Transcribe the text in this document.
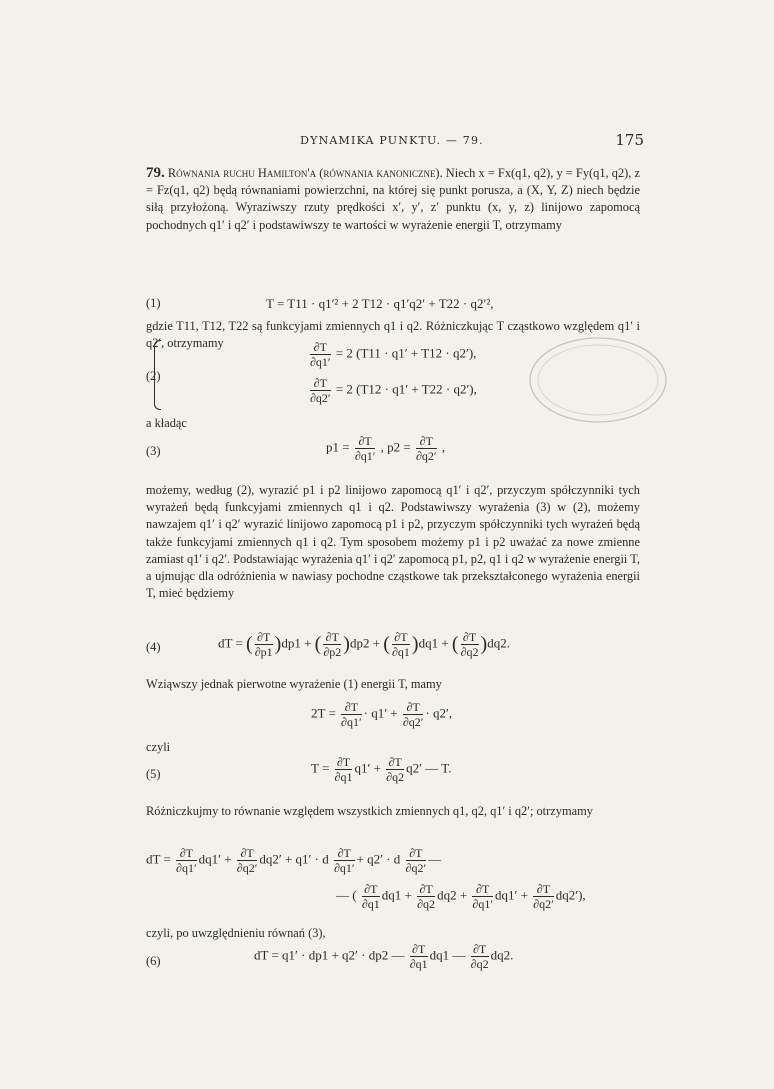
DYNAMIKA PUNKTU. — 79.	175
79. Równania ruchu Hamilton'a (równania kanoniczne). Niech x = Fx(q1, q2), y = Fy(q1, q2), z = Fz(q1, q2) będą równaniami powierzchni, na której się punkt porusza, a (X, Y, Z) niech będzie siłą przyłożoną. Wyraziwszy rzuty prędkości x′, y′, z′ punktu (x, y, z) linijowo zapomocą pochodnych q1′ i q2′ i podstawiwszy te wartości w wyrażenie energii T, otrzymamy
(1)	T = T11 · q1′² + 2 T12 · q1′q2′ + T22 · q2′²,
gdzie T11, T12, T22 są funkcyjami zmiennych q1 i q2. Różniczkując T cząstkowo względem q1′ i q2′, otrzymamy
(2)
$\frac{\partial T}{\partial q1'} = 2$ (T11 · q1′ + T12 · q2′),
$\frac{\partial T}{\partial q2'} = 2$ (T12 · q1′ + T22 · q2′),
a kładąc
(3)	$p1 = \frac{\partial T}{\partial q1'}$ , $p2 = \frac{\partial T}{\partial q2'}$ ,
możemy, według (2), wyrazić p1 i p2 linijowo zapomocą q1′ i q2′, przyczym spółczynniki tych wyrażeń będą funkcyjami zmiennych q1 i q2. Podstawiwszy wyrażenia (3) w (2), możemy nawzajem q1′ i q2′ wyrazić linijowo zapomocą p1 i p2, przyczym spółczynniki tych wyrażeń będą także funkcyjami zmiennych q1 i q2. Tym sposobem możemy p1 i p2 uważać za nowe zmienne zamiast q1′ i q2′. Podstawiając wyrażenia q1′ i q2′ zapomocą p1, p2, q1 i q2 w wyrażenie energii T, a ujmując dla odróżnienia w nawiasy pochodne cząstkowe tak przekształconego wyrażenia energii T, mieć będziemy
(4)	dT = ( $\frac{\partial T}{\partial p1} )dp1$ + ( $\frac{\partial T}{\partial p2} )dp2$ + ( $\frac{\partial T}{\partial q1} )dq1$ + ( $\frac{\partial T}{\partial q2} )dq2$.
Wziąwszy jednak pierwotne wyrażenie (1) energii T, mamy
$2T = \frac{\partial T}{\partial q1'} \cdot q1' + \frac{\partial T}{\partial q2'} \cdot q2'$,
czyli
(5)	$T = \frac{\partial T}{\partial q1} q1' + \frac{\partial T}{\partial q2} q2'$ — T.
Różniczkujmy to równanie względem wszystkich zmiennych q1, q2, q1′ i q2′; otrzymamy
dT = $\frac{\partial T}{\partial q1'} dq1' + \frac{\partial T}{\partial q2'} dq2' + q1' \cdot d \frac{\partial T}{\partial q1'} + q2' \cdot d \frac{\partial T}{\partial q2'}$ —
— ( $\frac{\partial T}{\partial q1} dq1 + \frac{\partial T}{\partial q2} dq2 + \frac{\partial T}{\partial q1'} dq1' + \frac{\partial T}{\partial q2'} dq2'$),
czyli, po uwzględnieniu równań (3),
(6)	dT = q1′ · dp1 + q2′ · dp2 — $\frac{\partial T}{\partial q1} dq1$ — $\frac{\partial T}{\partial q2} dq2$.
